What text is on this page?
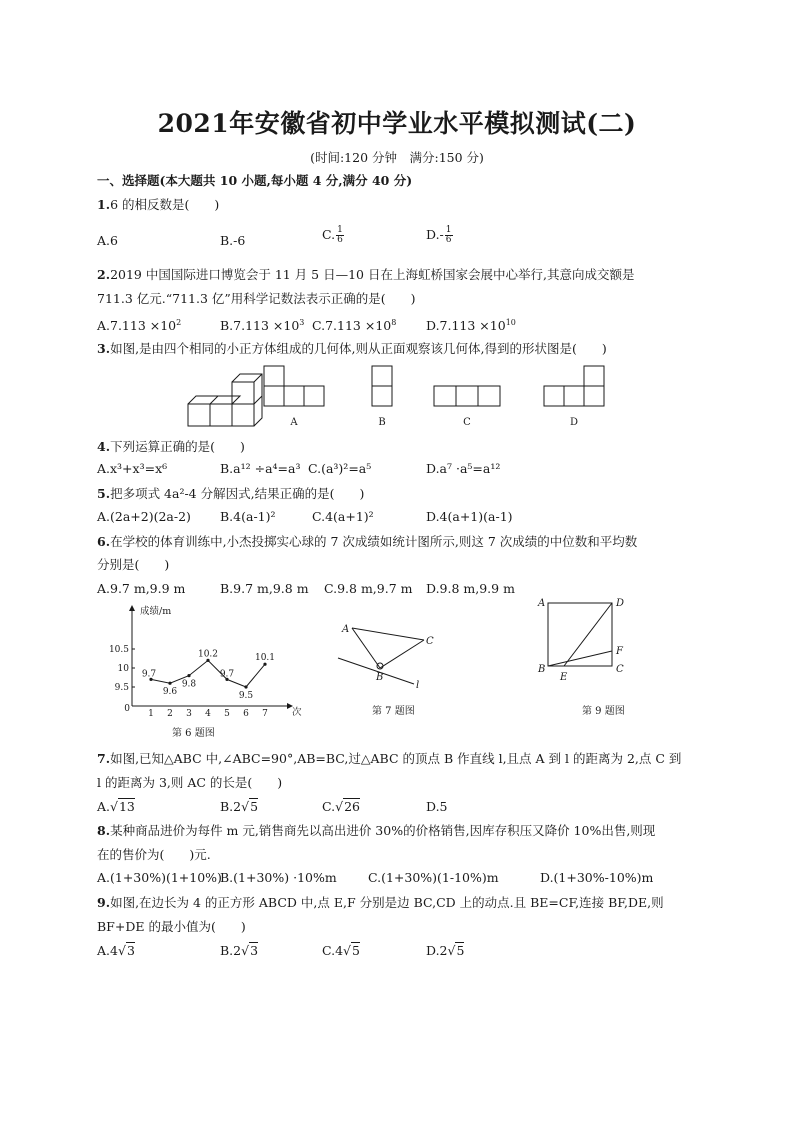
2021年安徽省初中学业水平模拟测试(二)
(时间:120 分钟　满分:150 分)
一、选择题(本大题共 10 小题,每小题 4 分,满分 40 分)
1.6 的相反数是(　　)
A.6	B.-6	C. $\frac{1}{6}$	$D.- \frac{1}{6}$
2.2019 中国国际进口博览会于 11 月 5 日—10 日在上海虹桥国家会展中心举行,其意向成交额是
711.3 亿元.“711.3 亿”用科学记数法表示正确的是(　　)
$A.7.113 \times 10^2$	$B.7.113 \times 10^3$ $C.7.113 \times 10^8$ $D.7.113 \times 10^{10}$
3.如图,是由四个相同的小正方体组成的几何体,则从正面观察该几何体,得到的形状图是(　　)
A	B	C	D
4.下列运算正确的是(　　)
A.x³+x³=x⁶	B.a¹² ÷a⁴=a³ C.(a³)²=a⁵	D.a⁷ ·a⁵=a¹²
5.把多项式 4a²-4 分解因式,结果正确的是(　　)
A.(2a+2)(2a-2) B.4(a-1)²	C.4(a+1)²	D.4(a+1)(a-1)
6.在学校的体育训练中,小杰投掷实心球的 7 次成绩如统计图所示,则这 7 次成绩的中位数和平均数
分别是(　　)
A.9.7 m,9.9 m	B.9.7 m,9.8 m C.9.8 m,9.7 m D.9.8 m,9.9 m
成绩/m
次
0
9.5
10
10.5
1 2 3 4 5 6 7
9.7
9.6
9.8
10.2
9.7
9.5
10.1
第 6 题图
A
C
B
l
第 7 题图
A	D
B	C
F
E
第 9 题图
7.如图,已知△ABC 中,∠ABC=90°,AB=BC,过△ABC 的顶点 B 作直线 l,且点 A 到 l 的距离为 2,点 C 到
l 的距离为 3,则 AC 的长是(　　)
A.√13	B.2√5	C.√26	D.5
8.某种商品进价为每件 m 元,销售商先以高出进价 30%的价格销售,因库存积压又降价 10%出售,则现
在的售价为(　　)元.
A.(1+30%)(1+10%)
B.(1+30%) ·10%m	C.(1+30%)(1-10%)m	D.(1+30%-10%)m
9.如图,在边长为 4 的正方形 ABCD 中,点 E,F 分别是边 BC,CD 上的动点.且 BE=CF,连接 BF,DE,则
BF+DE 的最小值为(　　)
A.4√3	B.2√3	C.4√5	D.2√5
